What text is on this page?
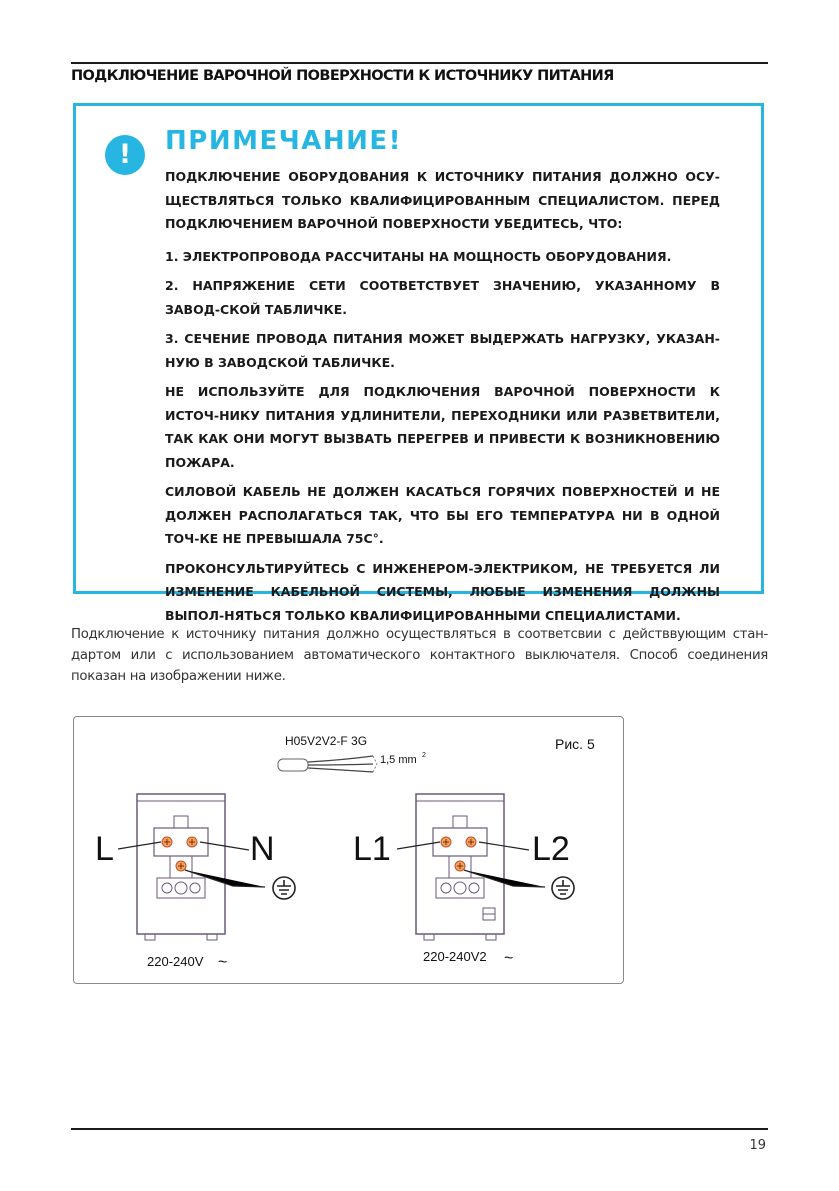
ПОДКЛЮЧЕНИЕ ВАРОЧНОЙ ПОВЕРХНОСТИ К ИСТОЧНИКУ ПИТАНИЯ
!	ПРИМЕЧАНИЕ!

ПОДКЛЮЧЕНИЕ ОБОРУДОВАНИЯ К ИСТОЧНИКУ ПИТАНИЯ ДОЛЖНО ОСУ-ЩЕСТВЛЯТЬСЯ ТОЛЬКО КВАЛИФИЦИРОВАННЫМ СПЕЦИАЛИСТОМ. ПЕРЕД ПОДКЛЮЧЕНИЕМ ВАРОЧНОЙ ПОВЕРХНОСТИ УБЕДИТЕСЬ, ЧТО:

1. ЭЛЕКТРОПРОВОДА РАССЧИТАНЫ НА МОЩНОСТЬ ОБОРУДОВАНИЯ.

2. НАПРЯЖЕНИЕ СЕТИ СООТВЕТСТВУЕТ ЗНАЧЕНИЮ, УКАЗАННОМУ В ЗАВОД-СКОЙ ТАБЛИЧКЕ.

3. СЕЧЕНИЕ ПРОВОДА ПИТАНИЯ МОЖЕТ ВЫДЕРЖАТЬ НАГРУЗКУ, УКАЗАН-НУЮ В ЗАВОДСКОЙ ТАБЛИЧКЕ.

НЕ ИСПОЛЬЗУЙТЕ ДЛЯ ПОДКЛЮЧЕНИЯ ВАРОЧНОЙ ПОВЕРХНОСТИ К ИСТОЧ-НИКУ ПИТАНИЯ УДЛИНИТЕЛИ, ПЕРЕХОДНИКИ ИЛИ РАЗВЕТВИТЕЛИ, ТАК КАК ОНИ МОГУТ ВЫЗВАТЬ ПЕРЕГРЕВ И ПРИВЕСТИ К ВОЗНИКНОВЕНИЮ ПОЖАРА.

СИЛОВОЙ КАБЕЛЬ НЕ ДОЛЖЕН КАСАТЬСЯ ГОРЯЧИХ ПОВЕРХНОСТЕЙ И НЕ ДОЛЖЕН РАСПОЛАГАТЬСЯ ТАК, ЧТО БЫ ЕГО ТЕМПЕРАТУРА НИ В ОДНОЙ ТОЧ-КЕ НЕ ПРЕВЫШАЛА 75С°.

ПРОКОНСУЛЬТИРУЙТЕСЬ С ИНЖЕНЕРОМ-ЭЛЕКТРИКОМ, НЕ ТРЕБУЕТСЯ ЛИ ИЗМЕНЕНИЕ КАБЕЛЬНОЙ СИСТЕМЫ, ЛЮБЫЕ ИЗМЕНЕНИЯ ДОЛЖНЫ ВЫПОЛ-НЯТЬСЯ ТОЛЬКО КВАЛИФИЦИРОВАННЫМИ СПЕЦИАЛИСТАМИ.

Подключение к источнику питания должно осуществляться в соответсвии с действвующим стан-дартом или с использованием автоматического контактного выключателя. Способ соединения показан на изображении ниже.
Рис. 5
H05V2V2-F 3G
1,5 mm 2
L	N
220-240V ~
L1	L2
220-240V2 ~
19
